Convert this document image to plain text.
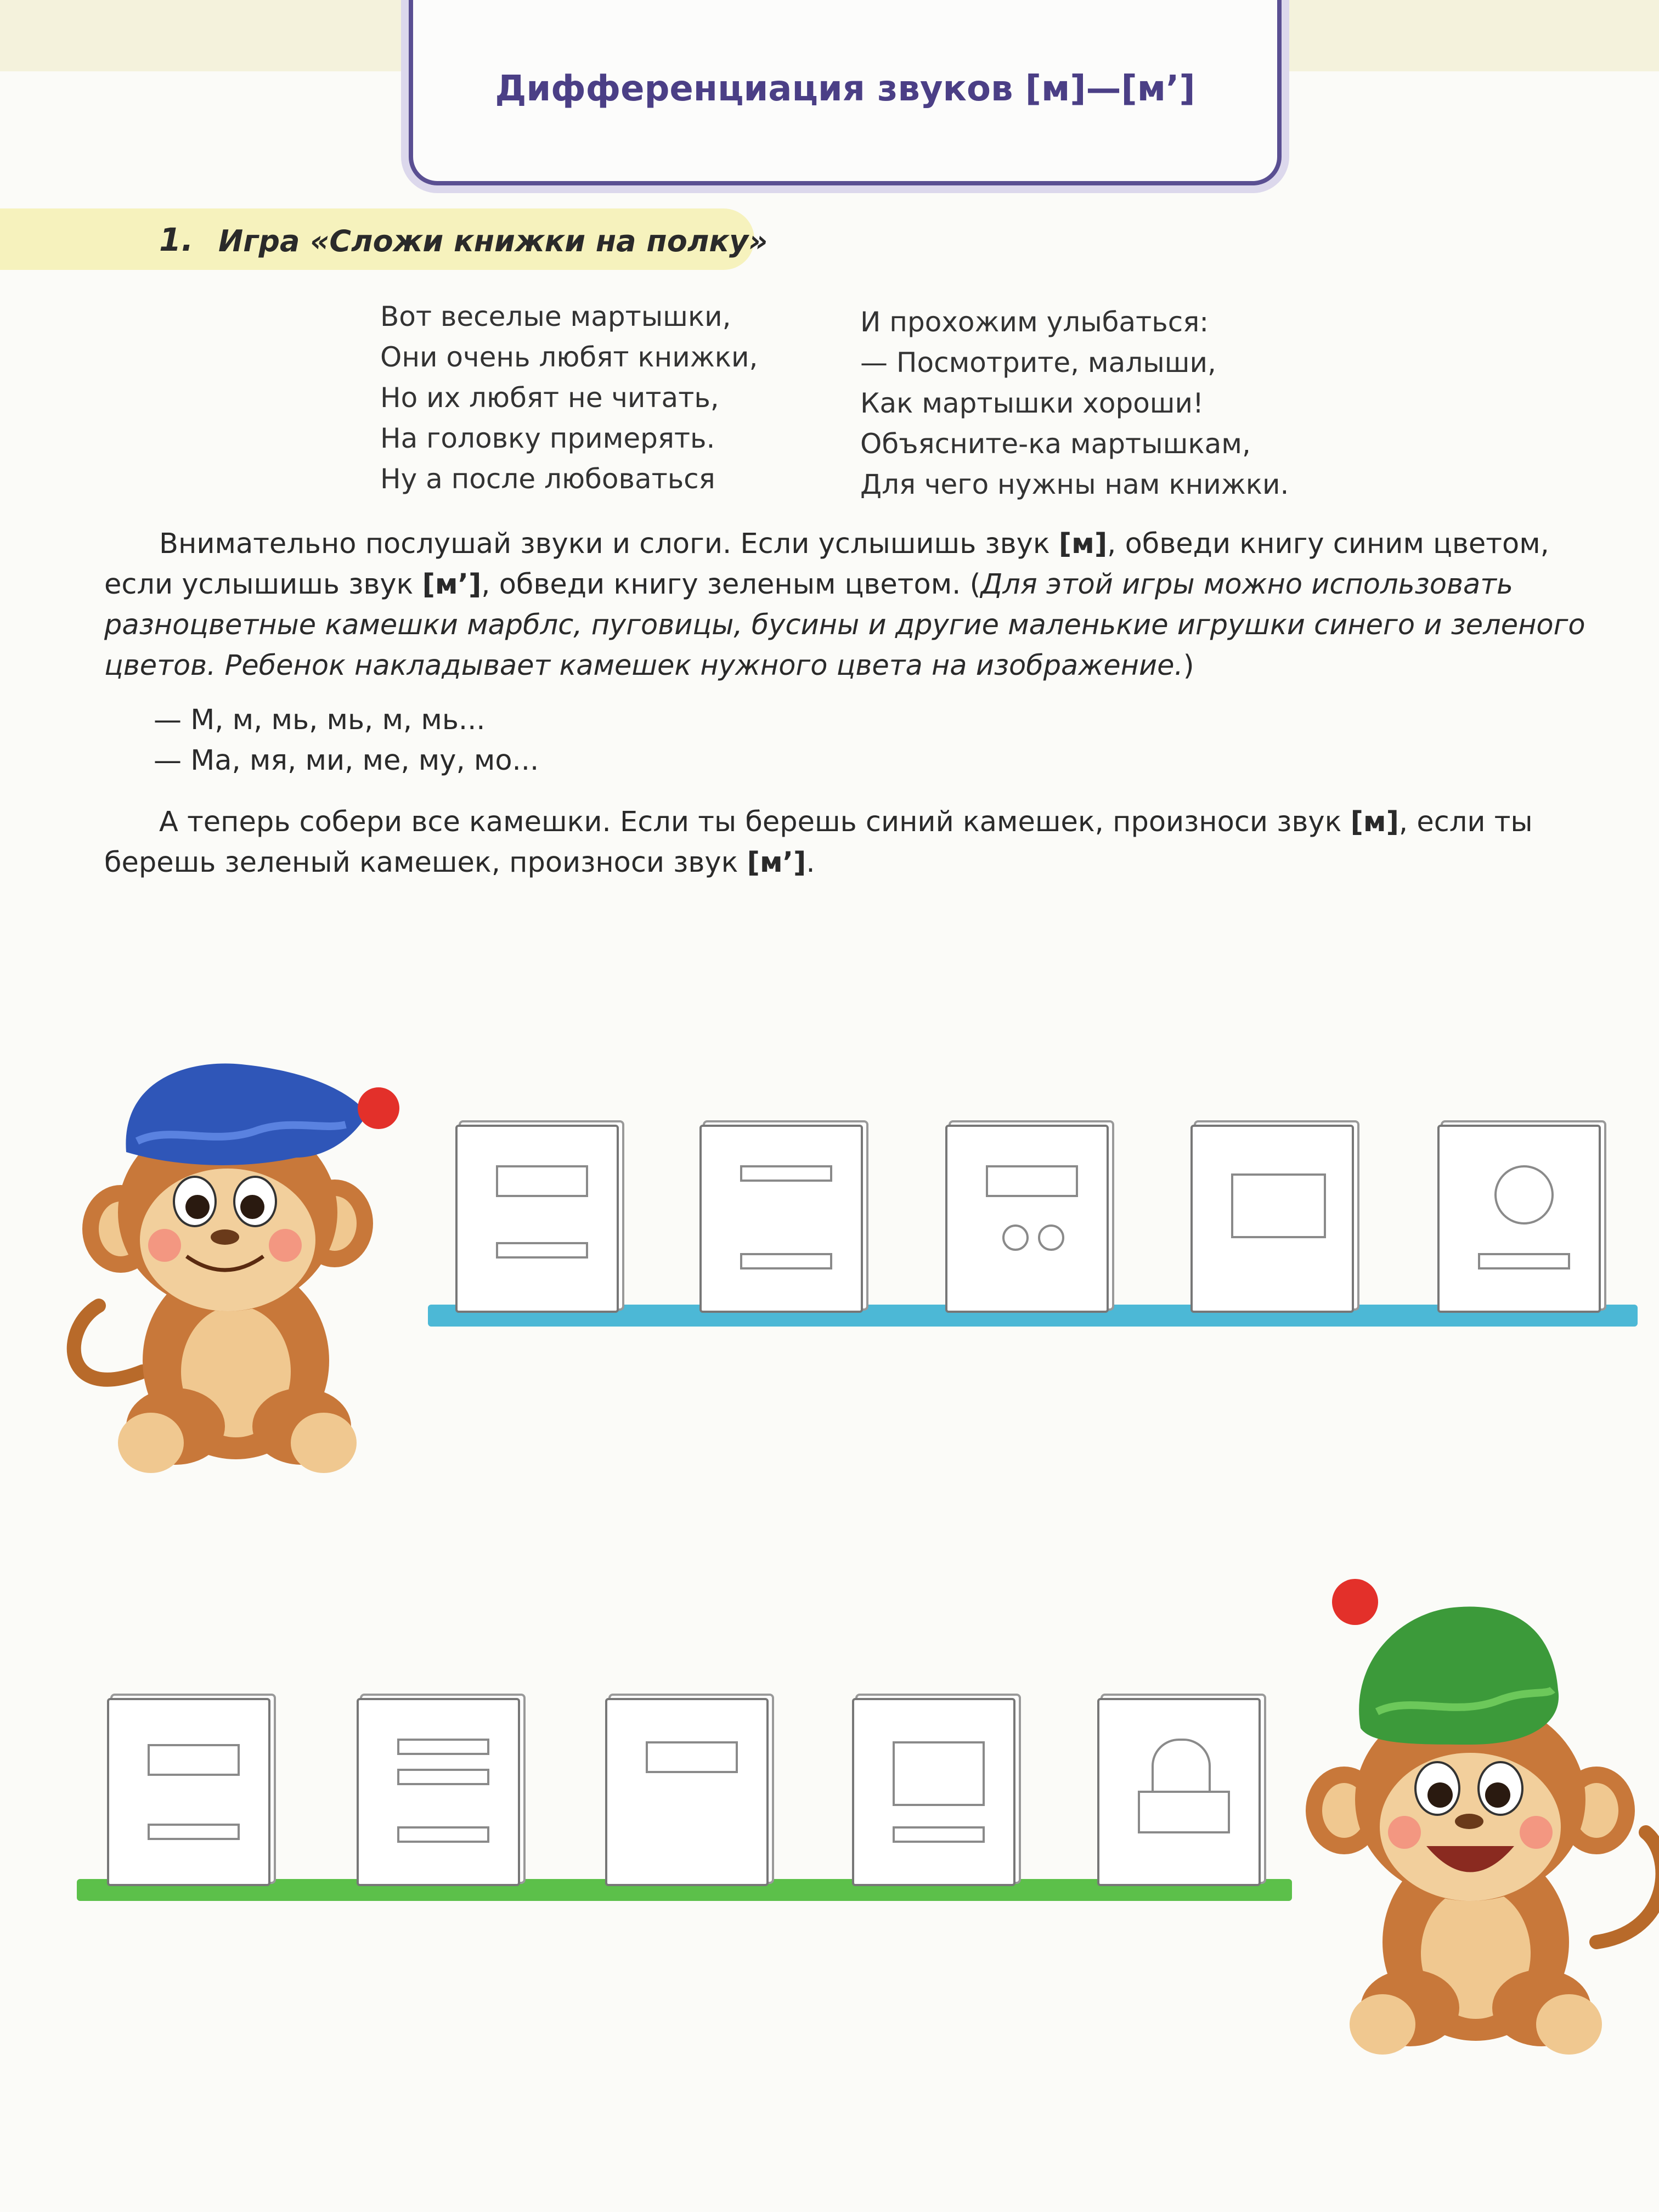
Дифференциация звуков [м]—[м’]
1. Игра «Сложи книжки на полку»
Вот веселые мартышки,
Они очень любят книжки,
Но их любят не читать,
На головку примерять.
Ну а после любоваться
И прохожим улыбаться:
— Посмотрите, малыши,
Как мартышки хороши!
Объясните-ка мартышкам,
Для чего нужны нам книжки.
Внимательно послушай звуки и слоги. Если услышишь звук [м], обведи книгу синим цветом, если услышишь звук [м’], обведи книгу зеленым цветом. (Для этой игры можно использовать разноцветные камешки марблс, пуговицы, бусины и другие маленькие игрушки синего и зеленого цветов. Ребенок накладывает камешек нужного цвета на изображение.)
— М, м, мь, мь, м, мь...
— Ма, мя, ми, ме, му, мо...
А теперь собери все камешки. Если ты берешь синий камешек, произноси звук [м], если ты берешь зеленый камешек, произноси звук [м’].
